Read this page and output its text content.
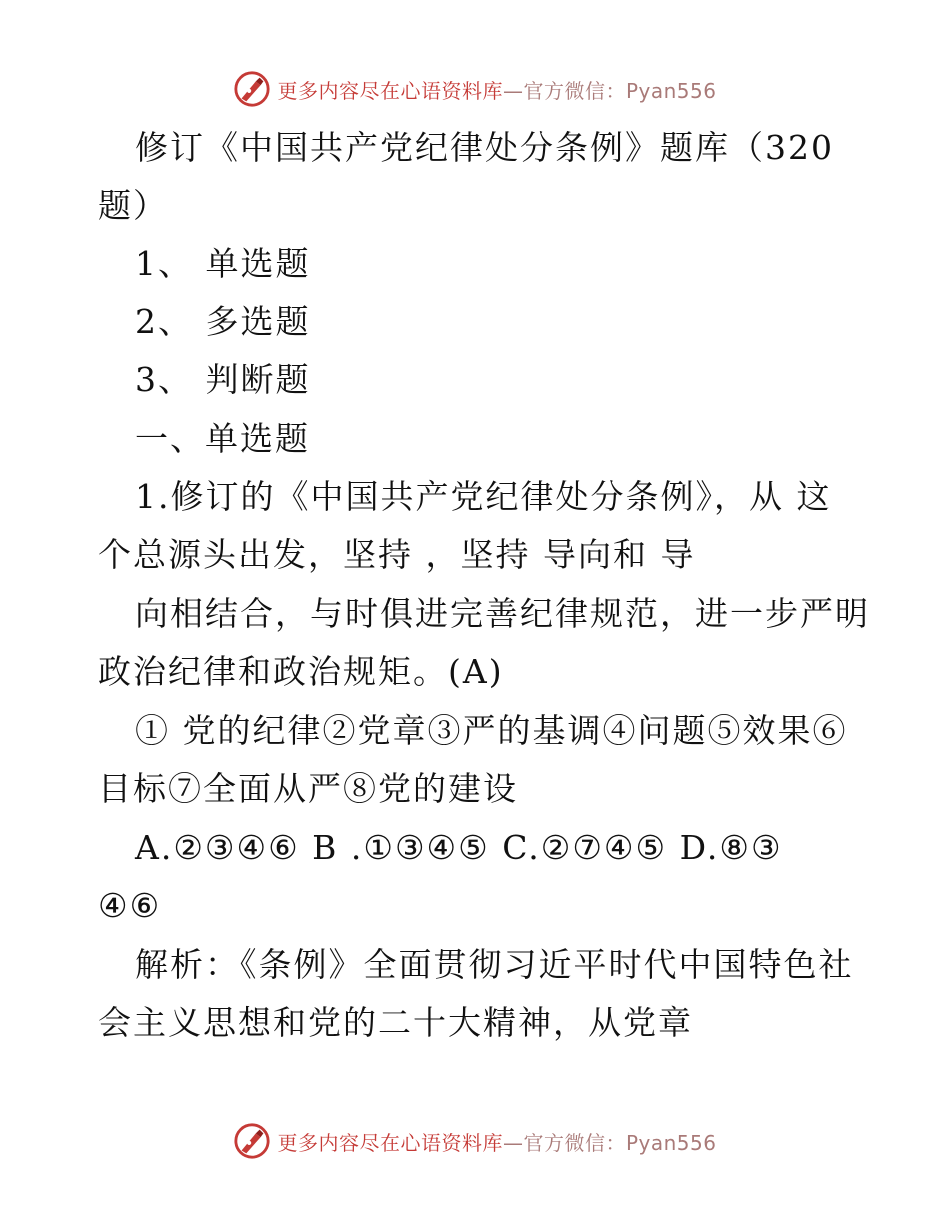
更多内容尽在心语资料库—官方微信：Pyan556
修订《中国共产党纪律处分条例》题库（320
题）
1、 单选题
2、 多选题
3、 判断题
一、单选题
1.修订的《中国共产党纪律处分条例》，从 这
个总源头出发，坚持 ，坚持 导向和 导
向相结合，与时俱进完善纪律规范，进一步严明
政治纪律和政治规矩。(A)
① 党的纪律②党章③严的基调④问题⑤效果⑥
目标⑦全面从严⑧党的建设
A.②③④⑥ B .①③④⑤ C.②⑦④⑤ D.⑧③
④⑥
解析：《条例》全面贯彻习近平时代中国特色社
会主义思想和党的二十大精神，从党章
更多内容尽在心语资料库—官方微信：Pyan556
